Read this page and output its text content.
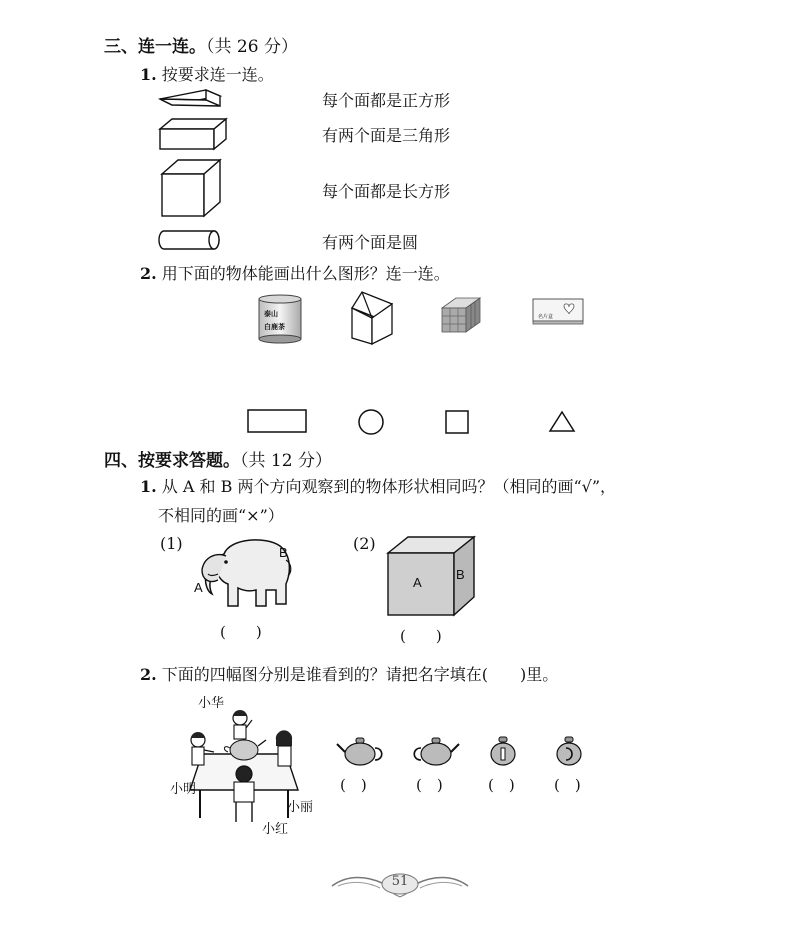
三、连一连。（共 26 分）
1. 按要求连一连。
每个面都是正方形
有两个面是三角形
每个面都是长方形
有两个面是圆
2. 用下面的物体能画出什么图形？连一连。
泰山
白鹿茶
名片盒
四、按要求答题。（共 12 分）
1. 从 A 和 B 两个方向观察到的物体形状相同吗？（相同的画“√”，
不相同的画“×”）
(1)	(2)
B
A
(　　)
A
B
(　　)
2. 下面的四幅图分别是谁看到的？请把名字填在(　　)里。
小华
小明
小丽
小红
(　)	(　)	(　)	(　)
51
